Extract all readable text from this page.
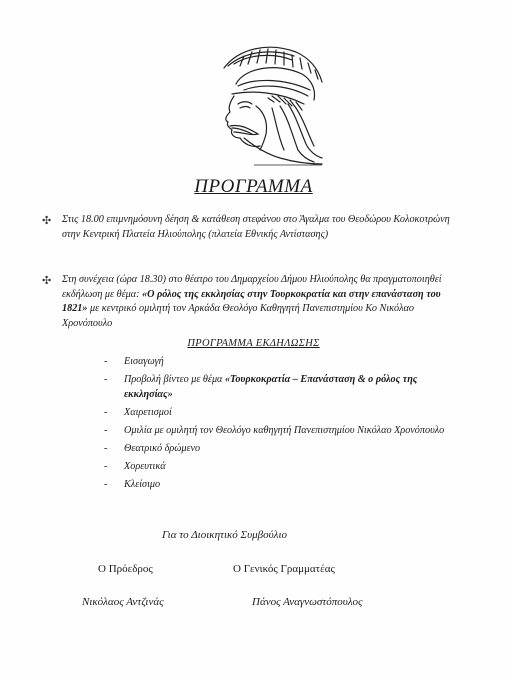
ΠΡΟΓΡΑΜΜΑ
✣ Στις 18.00 επιμνημόσυνη δέηση & κατάθεση στεφάνου στο Άγαλμα του Θεοδώρου Κολοκοτρώνη στην Κεντρική Πλατεία Ηλιούπολης (πλατεία Εθνικής Αντίστασης)
✣ Στη συνέχεια (ώρα 18.30) στο θέατρο του Δημαρχείου Δήμου Ηλιούπολης θα πραγματοποιηθεί εκδήλωση με θέμα: «Ο ρόλος της εκκλησίας στην Τουρκοκρατία και στην επανάσταση του 1821» με κεντρικό ομιλητή τον Αρκάδα Θεολόγο Καθηγητή Πανεπιστημίου Κο Νικόλαο Χρονόπουλο
ΠΡΟΓΡΑΜΜΑ ΕΚΔΗΛΩΣΗΣ
- Εισαγωγή
- Προβολή βίντεο με θέμα «Τουρκοκρατία – Επανάσταση & ο ρόλος της εκκλησίας»
- Χαιρετισμοί
- Ομιλία με ομιλητή τον Θεολόγο καθηγητή Πανεπιστημίου Νικόλαο Χρονόπουλο
- Θεατρικό δρώμενο
- Χορευτικά
- Κλείσιμο
Για το Διοικητικό Συμβούλιο
Ο Πρόεδρος	Ο Γενικός Γραμματέας
Νικόλαος Αντζινάς	Πάνος Αναγνωστόπουλος
